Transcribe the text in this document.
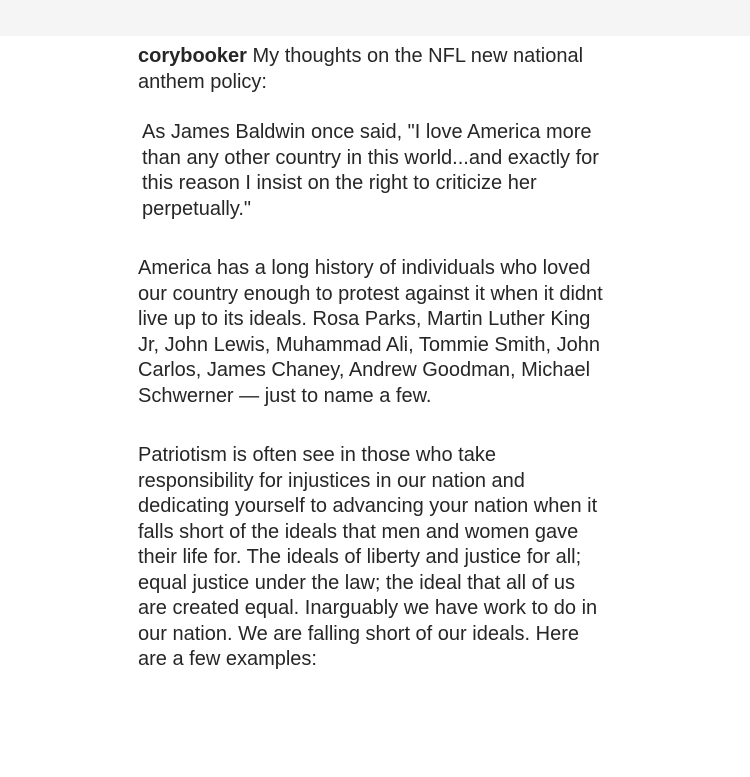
corybooker My thoughts on the NFL new national anthem policy:

As James Baldwin once said, "I love America more than any other country in this world...and exactly for this reason I insist on the right to criticize her perpetually."

America has a long history of individuals who loved our country enough to protest against it when it didnt live up to its ideals. Rosa Parks, Martin Luther King Jr, John Lewis, Muhammad Ali, Tommie Smith, John Carlos, James Chaney, Andrew Goodman, Michael Schwerner — just to name a few.

Patriotism is often see in those who take responsibility for injustices in our nation and dedicating yourself to advancing your nation when it falls short of the ideals that men and women gave their life for. The ideals of liberty and justice for all; equal justice under the law; the ideal that all of us are created equal. Inarguably we have work to do in our nation. We are falling short of our ideals. Here are a few examples:
